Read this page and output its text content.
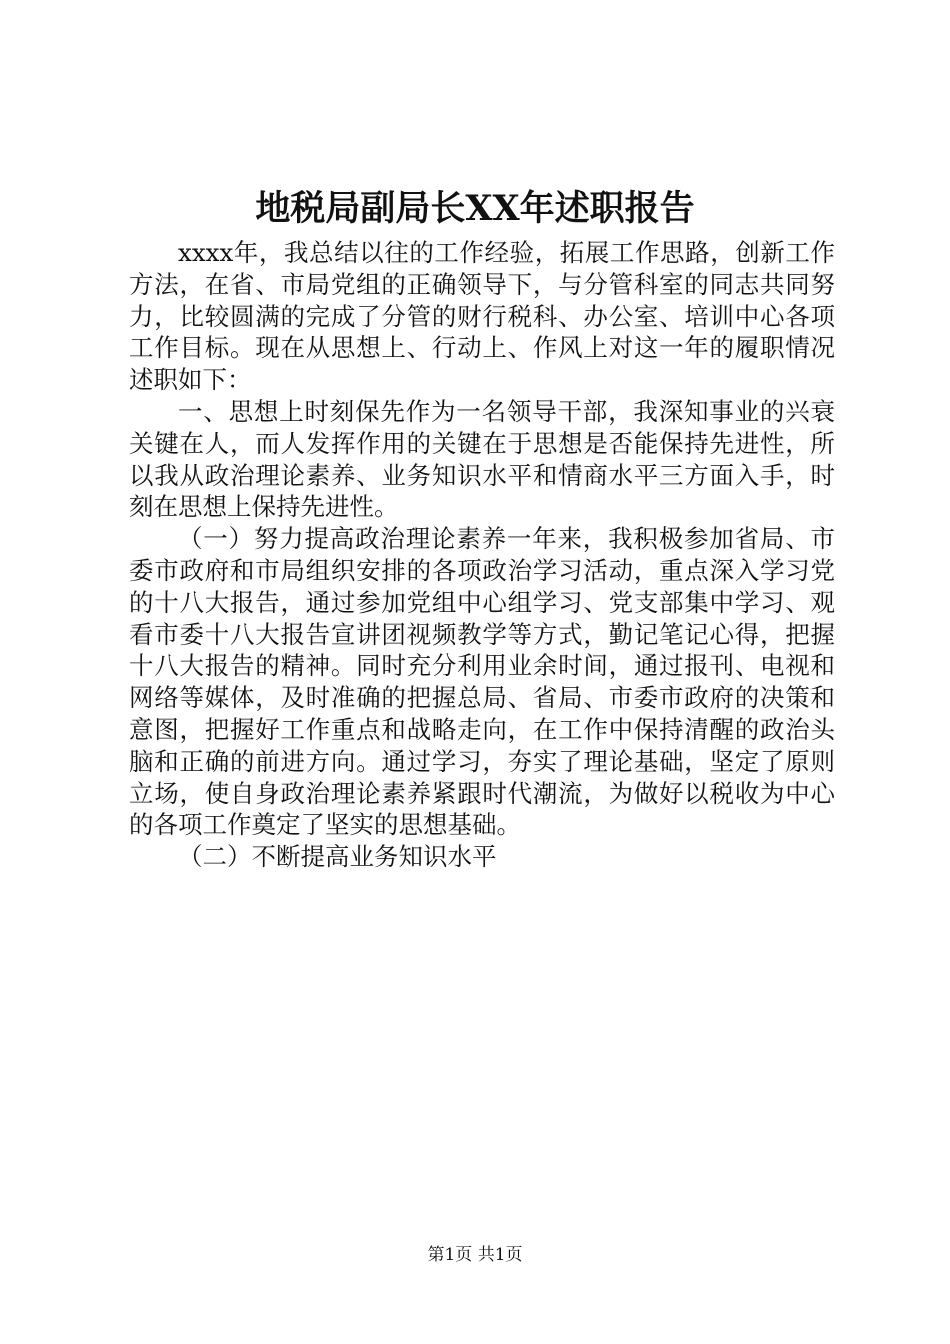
地税局副局长XX年述职报告

xxxx年，我总结以往的工作经验，拓展工作思路，创新工作方法，在省、市局党组的正确领导下，与分管科室的同志共同努力，比较圆满的完成了分管的财行税科、办公室、培训中心各项工作目标。现在从思想上、行动上、作风上对这一年的履职情况述职如下：

一、思想上时刻保先作为一名领导干部，我深知事业的兴衰关键在人，而人发挥作用的关键在于思想是否能保持先进性，所以我从政治理论素养、业务知识水平和情商水平三方面入手，时刻在思想上保持先进性。

（一）努力提高政治理论素养一年来，我积极参加省局、市委市政府和市局组织安排的各项政治学习活动，重点深入学习党的十八大报告，通过参加党组中心组学习、党支部集中学习、观看市委十八大报告宣讲团视频教学等方式，勤记笔记心得，把握十八大报告的精神。同时充分利用业余时间，通过报刊、电视和网络等媒体，及时准确的把握总局、省局、市委市政府的决策和意图，把握好工作重点和战略走向，在工作中保持清醒的政治头脑和正确的前进方向。通过学习，夯实了理论基础，坚定了原则立场，使自身政治理论素养紧跟时代潮流，为做好以税收为中心的各项工作奠定了坚实的思想基础。

（二）不断提高业务知识水平

第1页 共1页
